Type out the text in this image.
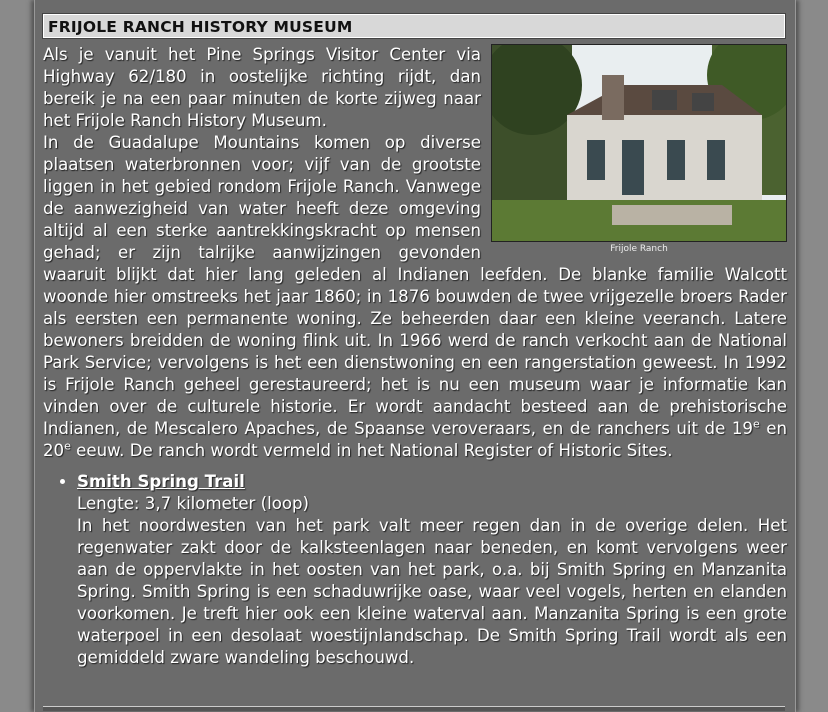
FRIJOLE RANCH HISTORY MUSEUM
Frijole Ranch

Als je vanuit het Pine Springs Visitor Center via Highway 62/180 in oostelijke richting rijdt, dan bereik je na een paar minuten de korte zijweg naar het Frijole Ranch History Museum.

In de Guadalupe Mountains komen op diverse plaatsen waterbronnen voor; vijf van de grootste liggen in het gebied rondom Frijole Ranch. Vanwege de aanwezigheid van water heeft deze omgeving altijd al een sterke aantrekkingskracht op mensen gehad; er zijn talrijke aanwijzingen gevonden waaruit blijkt dat hier lang geleden al Indianen leefden. De blanke familie Walcott woonde hier omstreeks het jaar 1860; in 1876 bouwden de twee vrijgezelle broers Rader als eersten een permanente woning. Ze beheerden daar een kleine veeranch. Latere bewoners breidden de woning flink uit. In 1966 werd de ranch verkocht aan de National Park Service; vervolgens is het een dienstwoning en een rangerstation geweest. In 1992 is Frijole Ranch geheel gerestaureerd; het is nu een museum waar je informatie kan vinden over de culturele historie. Er wordt aandacht besteed aan de prehistorische Indianen, de Mescalero Apaches, de Spaanse veroveraars, en de ranchers uit de 19e en 20e eeuw. De ranch wordt vermeld in het National Register of Historic Sites.

• Smith Spring Trail
Lengte: 3,7 kilometer (loop)
In het noordwesten van het park valt meer regen dan in de overige delen. Het regenwater zakt door de kalksteenlagen naar beneden, en komt vervolgens weer aan de oppervlakte in het oosten van het park, o.a. bij Smith Spring en Manzanita Spring. Smith Spring is een schaduwrijke oase, waar veel vogels, herten en elanden voorkomen. Je treft hier ook een kleine waterval aan. Manzanita Spring is een grote waterpoel in een desolaat woestijnlandschap. De Smith Spring Trail wordt als een gemiddeld zware wandeling beschouwd.
